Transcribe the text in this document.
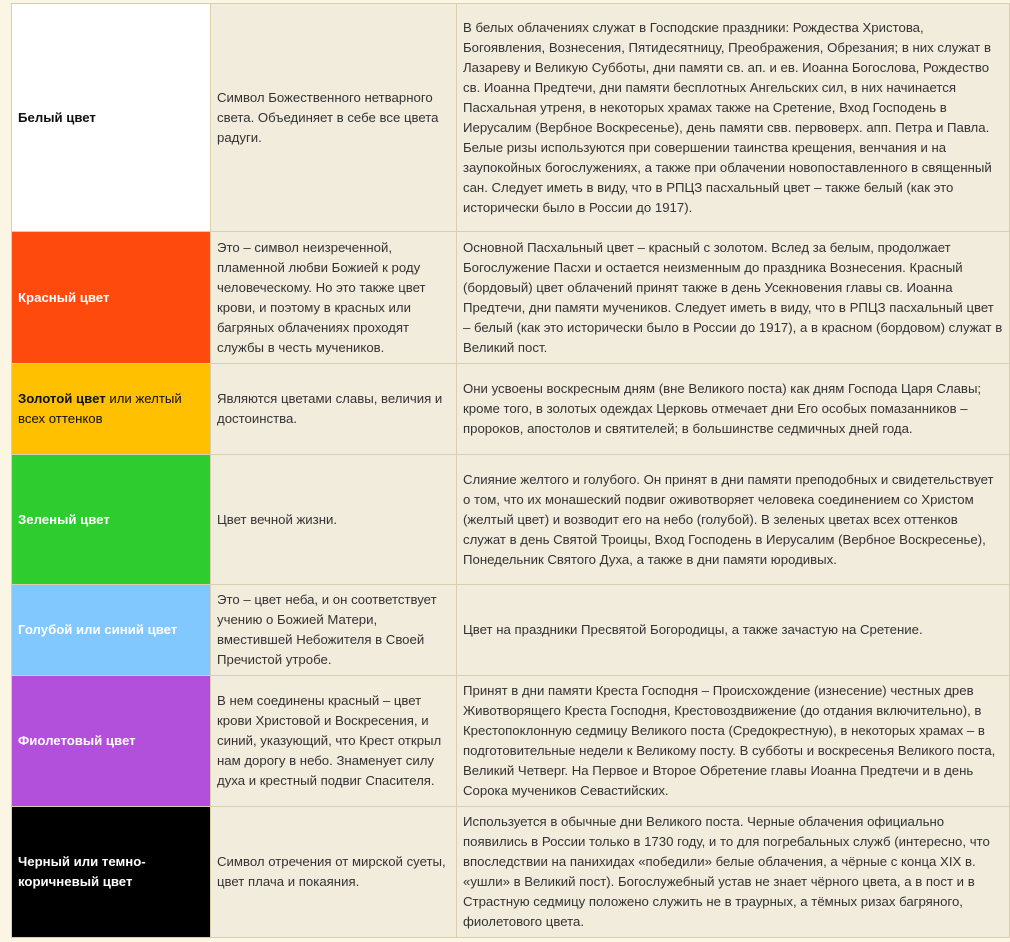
Белый цвет	Символ Божественного нетварного света. Объединяет в себе все цвета радуги.	В белых облачениях служат в Господские праздники: Рождества Христова, Богоявления, Вознесения, Пятидесятницу, Преображения, Обрезания; в них служат в Лазареву и Великую Субботы, дни памяти св. ап. и ев. Иоанна Богослова, Рождество св. Иоанна Предтечи, дни памяти бесплотных Ангельских сил, в них начинается Пасхальная утреня, в некоторых храмах также на Сретение, Вход Господень в Иерусалим (Вербное Воскресенье), день памяти свв. первоверх. апп. Петра и Павла. Белые ризы используются при совершении таинства крещения, венчания и на заупокойных богослужениях, а также при облачении новопоставленного в священный сан. Следует иметь в виду, что в РПЦЗ пасхальный цвет – также белый (как это исторически было в России до 1917).
Красный цвет	Это – символ неизреченной, пламенной любви Божией к роду человеческому. Но это также цвет крови, и поэтому в красных или багряных облачениях проходят службы в честь мучеников.	Основной Пасхальный цвет – красный с золотом. Вслед за белым, продолжает Богослужение Пасхи и остается неизменным до праздника Вознесения. Красный (бордовый) цвет облачений принят также в день Усекновения главы св. Иоанна Предтечи, дни памяти мучеников. Следует иметь в виду, что в РПЦЗ пасхальный цвет – белый (как это исторически было в России до 1917), а в красном (бордовом) служат в Великий пост.
Золотой цвет или желтый всех оттенков	Являются цветами славы, величия и достоинства.	Они усвоены воскресным дням (вне Великого поста) как дням Господа Царя Славы; кроме того, в золотых одеждах Церковь отмечает дни Его особых помазанников – пророков, апостолов и святителей; в большинстве седмичных дней года.
Зеленый цвет	Цвет вечной жизни.	Слияние желтого и голубого. Он принят в дни памяти преподобных и свидетельствует о том, что их монашеский подвиг оживотворяет человека соединением со Христом (желтый цвет) и возводит его на небо (голубой). В зеленых цветах всех оттенков служат в день Святой Троицы, Вход Господень в Иерусалим (Вербное Воскресенье), Понедельник Святого Духа, а также в дни памяти юродивых.
Голубой или синий цвет	Это – цвет неба, и он соответствует учению о Божией Матери, вместившей Небожителя в Своей Пречистой утробе.	Цвет на праздники Пресвятой Богородицы, а также зачастую на Сретение.
Фиолетовый цвет	В нем соединены красный – цвет крови Христовой и Воскресения, и синий, указующий, что Крест открыл нам дорогу в небо. Знаменует силу духа и крестный подвиг Спасителя.	Принят в дни памяти Креста Господня – Происхождение (изнесение) честных древ Животворящего Креста Господня, Крестовоздвижение (до отдания включительно), в Крестопоклонную седмицу Великого поста (Средокрестную), в некоторых храмах – в подготовительные недели к Великому посту. В субботы и воскресенья Великого поста, Великий Четверг. На Первое и Второе Обретение главы Иоанна Предтечи и в день Сорока мучеников Севастийских.
Черный или темно-коричневый цвет	Символ отречения от мирской суеты, цвет плача и покаяния.	Используется в обычные дни Великого поста. Черные облачения официально появились в России только в 1730 году, и то для погребальных служб (интересно, что впоследствии на панихидах «победили» белые облачения, а чёрные с конца XIX в. «ушли» в Великий пост). Богослужебный устав не знает чёрного цвета, а в пост и в Страстную седмицу положено служить не в траурных, а тёмных ризах багряного, фиолетового цвета.
